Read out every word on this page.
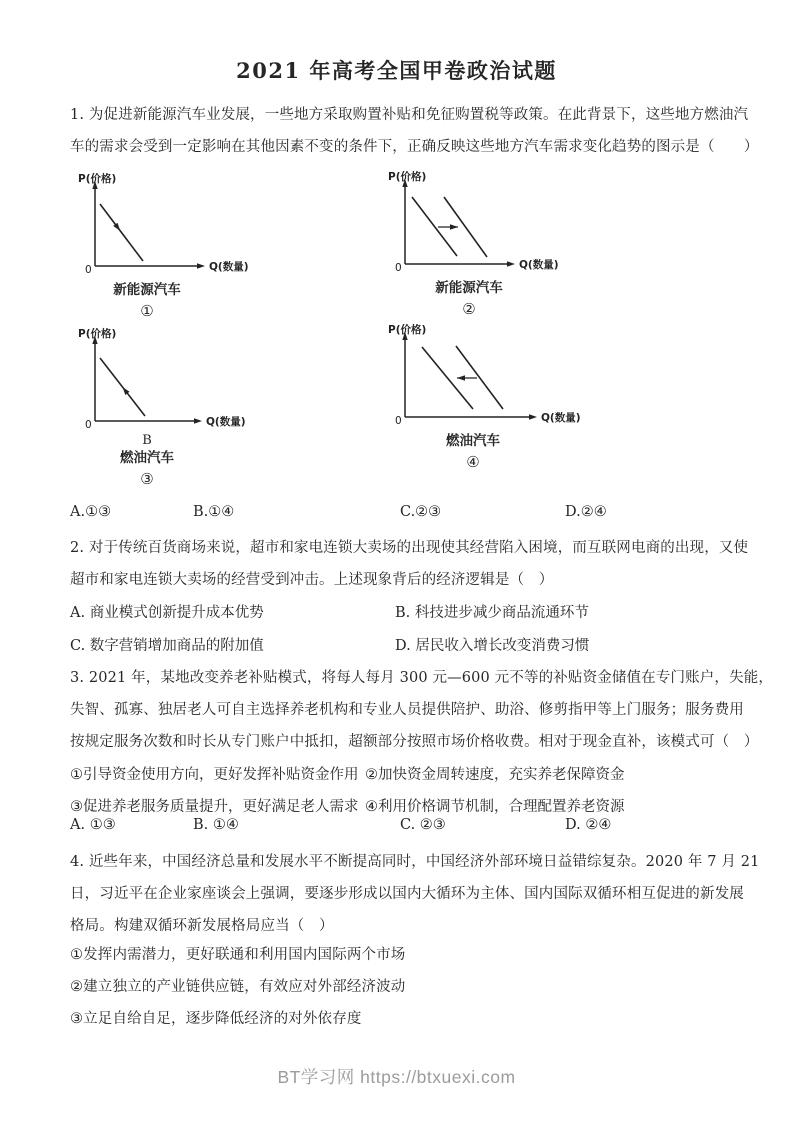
2021 年高考全国甲卷政治试题

1. 为促进新能源汽车业发展，一些地方采取购置补贴和免征购置税等政策。在此背景下，这些地方燃油汽

车的需求会受到一定影响在其他因素不变的条件下，正确反映这些地方汽车需求变化趋势的图示是（　　）

P(价格)
Q(数量)
0
新能源汽车
①
P(价格)
Q(数量)
0
新能源汽车
②
P(价格)
Q(数量)
0
B
燃油汽车
③
P(价格)
Q(数量)
0
燃油汽车
④
A.①③	B.①④	C.②③	D.②④

2. 对于传统百货商场来说，超市和家电连锁大卖场的出现使其经营陷入困境，而互联网电商的出现，又使

超市和家电连锁大卖场的经营受到冲击。上述现象背后的经济逻辑是（　）

A. 商业模式创新提升成本优势	B. 科技进步减少商品流通环节
C. 数字营销增加商品的附加值	D. 居民收入增长改变消费习惯

3. 2021 年，某地改变养老补贴模式，将每人每月 300 元—600 元不等的补贴资金储值在专门账户，失能，

失智、孤寡、独居老人可自主选择养老机构和专业人员提供陪护、助浴、修剪指甲等上门服务；服务费用

按规定服务次数和时长从专门账户中抵扣，超额部分按照市场价格收费。相对于现金直补，该模式可（　）

①引导资金使用方向，更好发挥补贴资金作用 ②加快资金周转速度，充实养老保障资金
③促进养老服务质量提升，更好满足老人需求 ④利用价格调节机制，合理配置养老资源
A. ①③	B. ①④	C. ②③	D. ②④

4. 近些年来，中国经济总量和发展水平不断提高同时，中国经济外部环境日益错综复杂。2020 年 7 月 21

日，习近平在企业家座谈会上强调，要逐步形成以国内大循环为主体、国内国际双循环相互促进的新发展

格局。构建双循环新发展格局应当（　）

①发挥内需潜力，更好联通和利用国内国际两个市场

②建立独立的产业链供应链，有效应对外部经济波动

③立足自给自足，逐步降低经济的对外依存度

BT学习网 https://btxuexi.com
